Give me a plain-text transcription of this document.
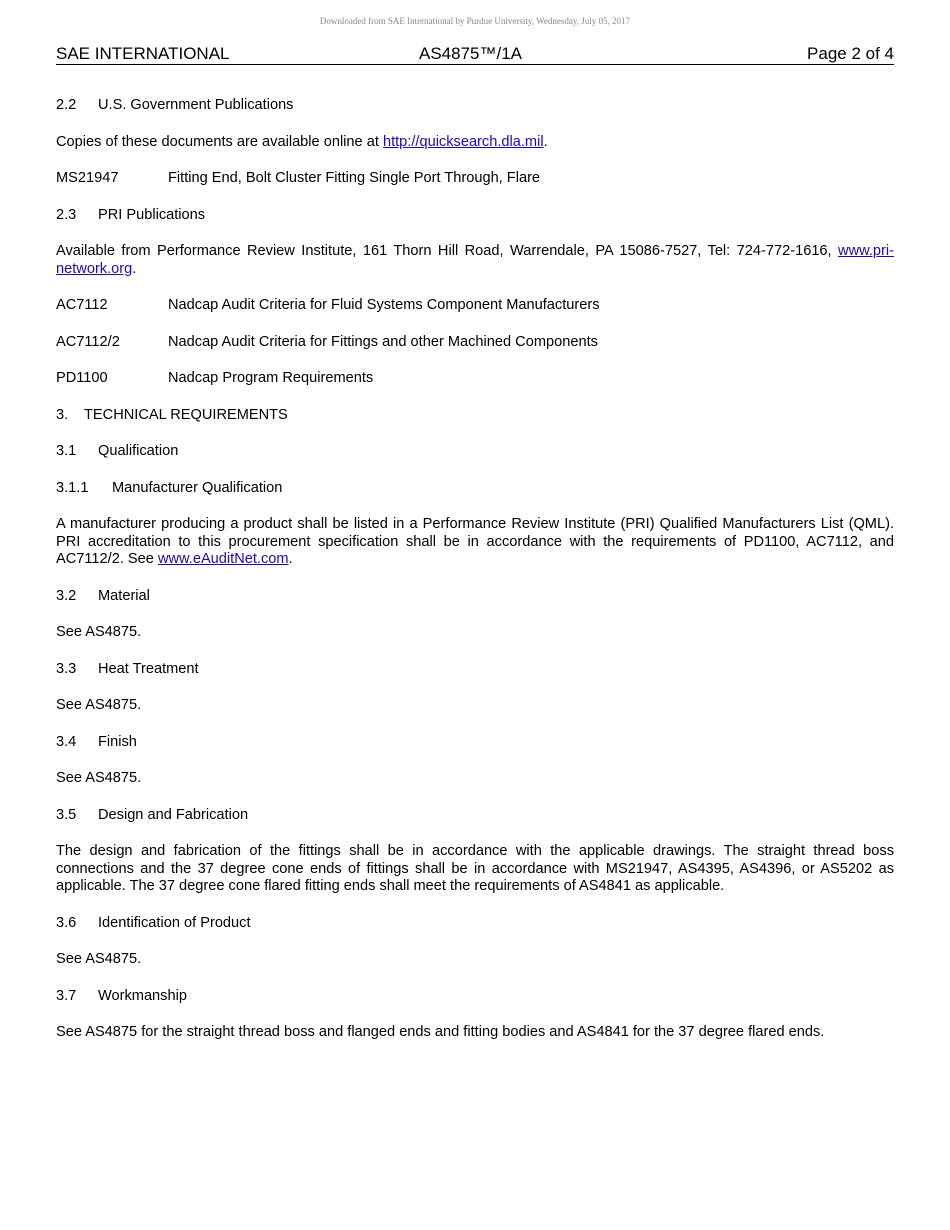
Downloaded from SAE International by Purdue University, Wednesday, July 05, 2017
SAE INTERNATIONAL	AS4875™/1A	Page 2 of 4

2.2 U.S. Government Publications

Copies of these documents are available online at http://quicksearch.dla.mil.

MS21947	Fitting End, Bolt Cluster Fitting Single Port Through, Flare

2.3 PRI Publications

Available from Performance Review Institute, 161 Thorn Hill Road, Warrendale, PA 15086-7527, Tel: 724-772-1616, www.pri-network.org.

AC7112	Nadcap Audit Criteria for Fluid Systems Component Manufacturers

AC7112/2	Nadcap Audit Criteria for Fittings and other Machined Components

PD1100	Nadcap Program Requirements

3. TECHNICAL REQUIREMENTS

3.1 Qualification

3.1.1 Manufacturer Qualification

A manufacturer producing a product shall be listed in a Performance Review Institute (PRI) Qualified Manufacturers List (QML). PRI accreditation to this procurement specification shall be in accordance with the requirements of PD1100, AC7112, and AC7112/2. See www.eAuditNet.com.

3.2 Material

See AS4875.

3.3 Heat Treatment

See AS4875.

3.4 Finish

See AS4875.

3.5 Design and Fabrication

The design and fabrication of the fittings shall be in accordance with the applicable drawings. The straight thread boss connections and the 37 degree cone ends of fittings shall be in accordance with MS21947, AS4395, AS4396, or AS5202 as applicable. The 37 degree cone flared fitting ends shall meet the requirements of AS4841 as applicable.

3.6 Identification of Product

See AS4875.

3.7 Workmanship

See AS4875 for the straight thread boss and flanged ends and fitting bodies and AS4841 for the 37 degree flared ends.
